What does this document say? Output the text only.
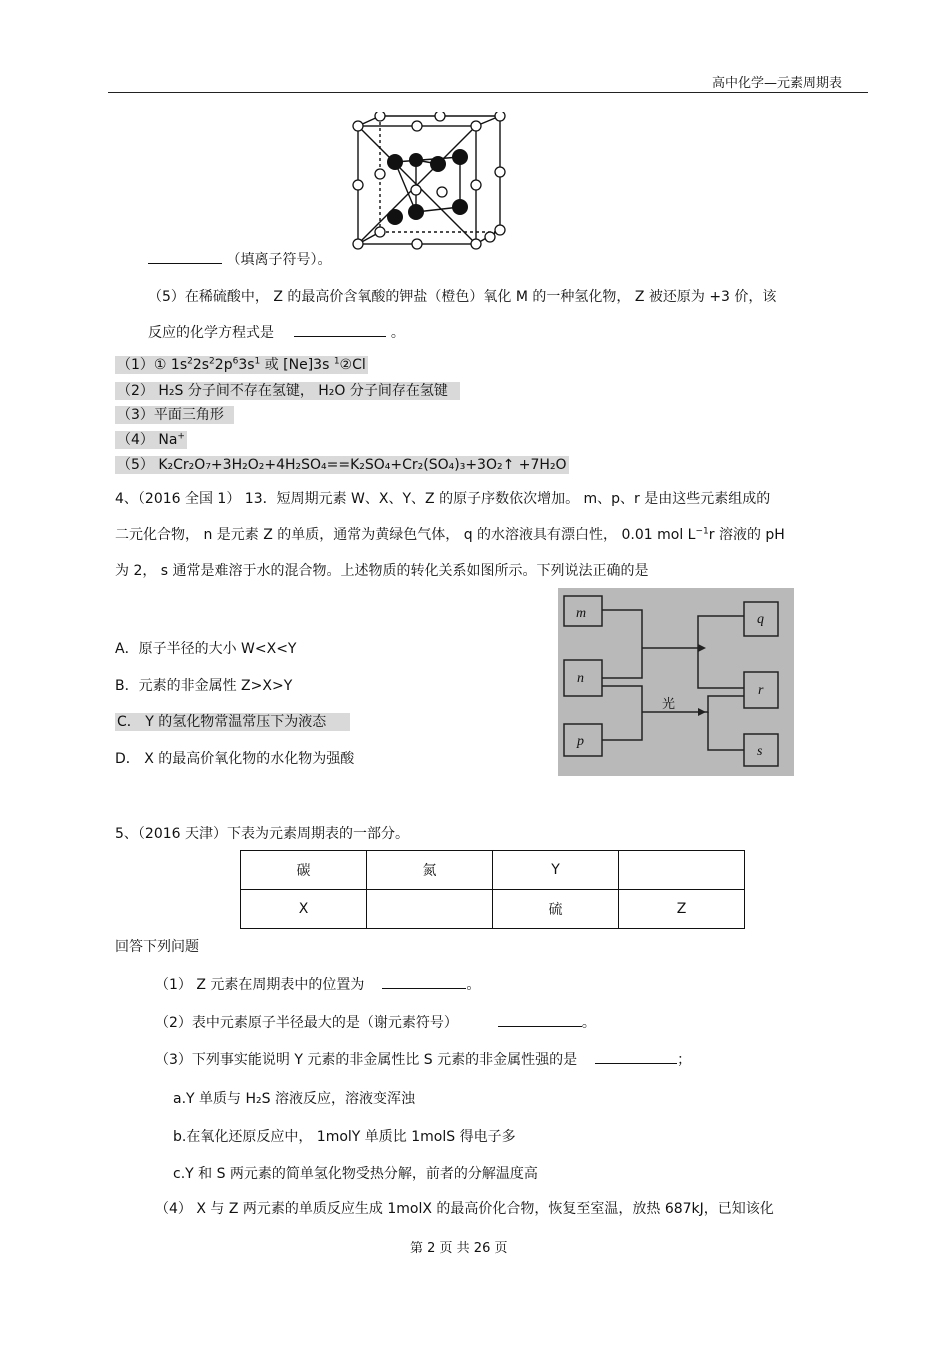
高中化学—元素周期表
（填离子符号）。
（5）在稀硫酸中， Z 的最高价含氧酸的钾盐（橙色）氧化 M 的一种氢化物， Z 被还原为 +3 价，该
反应的化学方程式是	。
（1）① $1s^22s^22p^63s^1$ 或 [Ne]3s $^1$②Cl
（2） H₂S 分子间不存在氢键， H₂O 分子间存在氢键
（3）平面三角形
（4） Na+
（5） K₂Cr₂O₇+3H₂O₂+4H₂SO₄==K₂SO₄+Cr₂(SO₄)₃+3O₂↑ +7H₂O
4、（2016 全国 1） 13．短周期元素 W、X、Y、Z 的原子序数依次增加。 m、p、r 是由这些元素组成的
二元化合物， n 是元素 Z 的单质，通常为黄绿色气体， q 的水溶液具有漂白性， 0.01 mol $L^{-1}r$ 溶液的 pH
为 2， s 通常是难溶于水的混合物。上述物质的转化关系如图所示。下列说法正确的是
A．原子半径的大小 W<X<Y
B．元素的非金属性 Z>X>Y
C． Y 的氢化物常温常压下为液态
D． X 的最高价氧化物的水化物为强酸
m
n
p
q
r
s
光
5、（2016 天津）下表为元素周期表的一部分。
碳	氮	Y	
X		硫	Z
回答下列问题
（1） Z 元素在周期表中的位置为	。
（2）表中元素原子半径最大的是（谢元素符号）	。
（3）下列事实能说明 Y 元素的非金属性比 S 元素的非金属性强的是	；
a.Y 单质与 H₂S 溶液反应，溶液变浑浊
b.在氧化还原反应中， 1molY 单质比 1molS 得电子多
c.Y 和 S 两元素的简单氢化物受热分解，前者的分解温度高
（4） X 与 Z 两元素的单质反应生成 1molX 的最高价化合物，恢复至室温，放热 687kJ，已知该化
第 2 页 共 26 页
